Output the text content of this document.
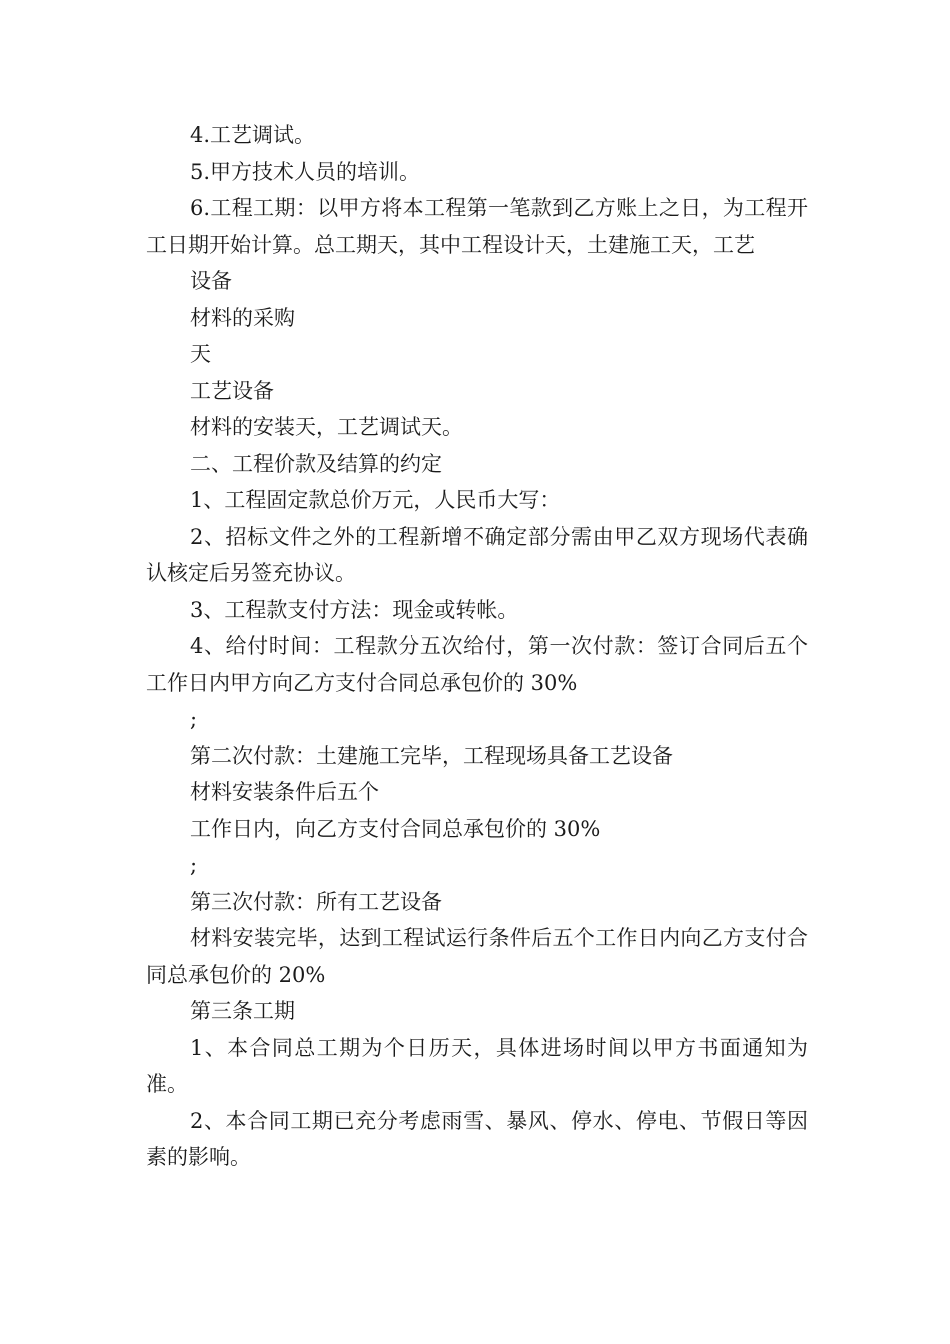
4.工艺调试。

5.甲方技术人员的培训。

6.工程工期：以甲方将本工程第一笔款到乙方账上之日，为工程开工日期开始计算。总工期天，其中工程设计天，土建施工天，工艺

设备

材料的采购

天

工艺设备

材料的安装天，工艺调试天。

二、工程价款及结算的约定

1、工程固定款总价万元，人民币大写：

2、招标文件之外的工程新增不确定部分需由甲乙双方现场代表确认核定后另签充协议。

3、工程款支付方法：现金或转帐。

4、给付时间：工程款分五次给付，第一次付款：签订合同后五个工作日内甲方向乙方支付合同总承包价的 30%

;

第二次付款：土建施工完毕，工程现场具备工艺设备

材料安装条件后五个

工作日内，向乙方支付合同总承包价的 30%

;

第三次付款：所有工艺设备

材料安装完毕，达到工程试运行条件后五个工作日内向乙方支付合同总承包价的 20%

第三条工期

1、本合同总工期为个日历天，具体进场时间以甲方书面通知为准。

2、本合同工期已充分考虑雨雪、暴风、停水、停电、节假日等因素的影响。
